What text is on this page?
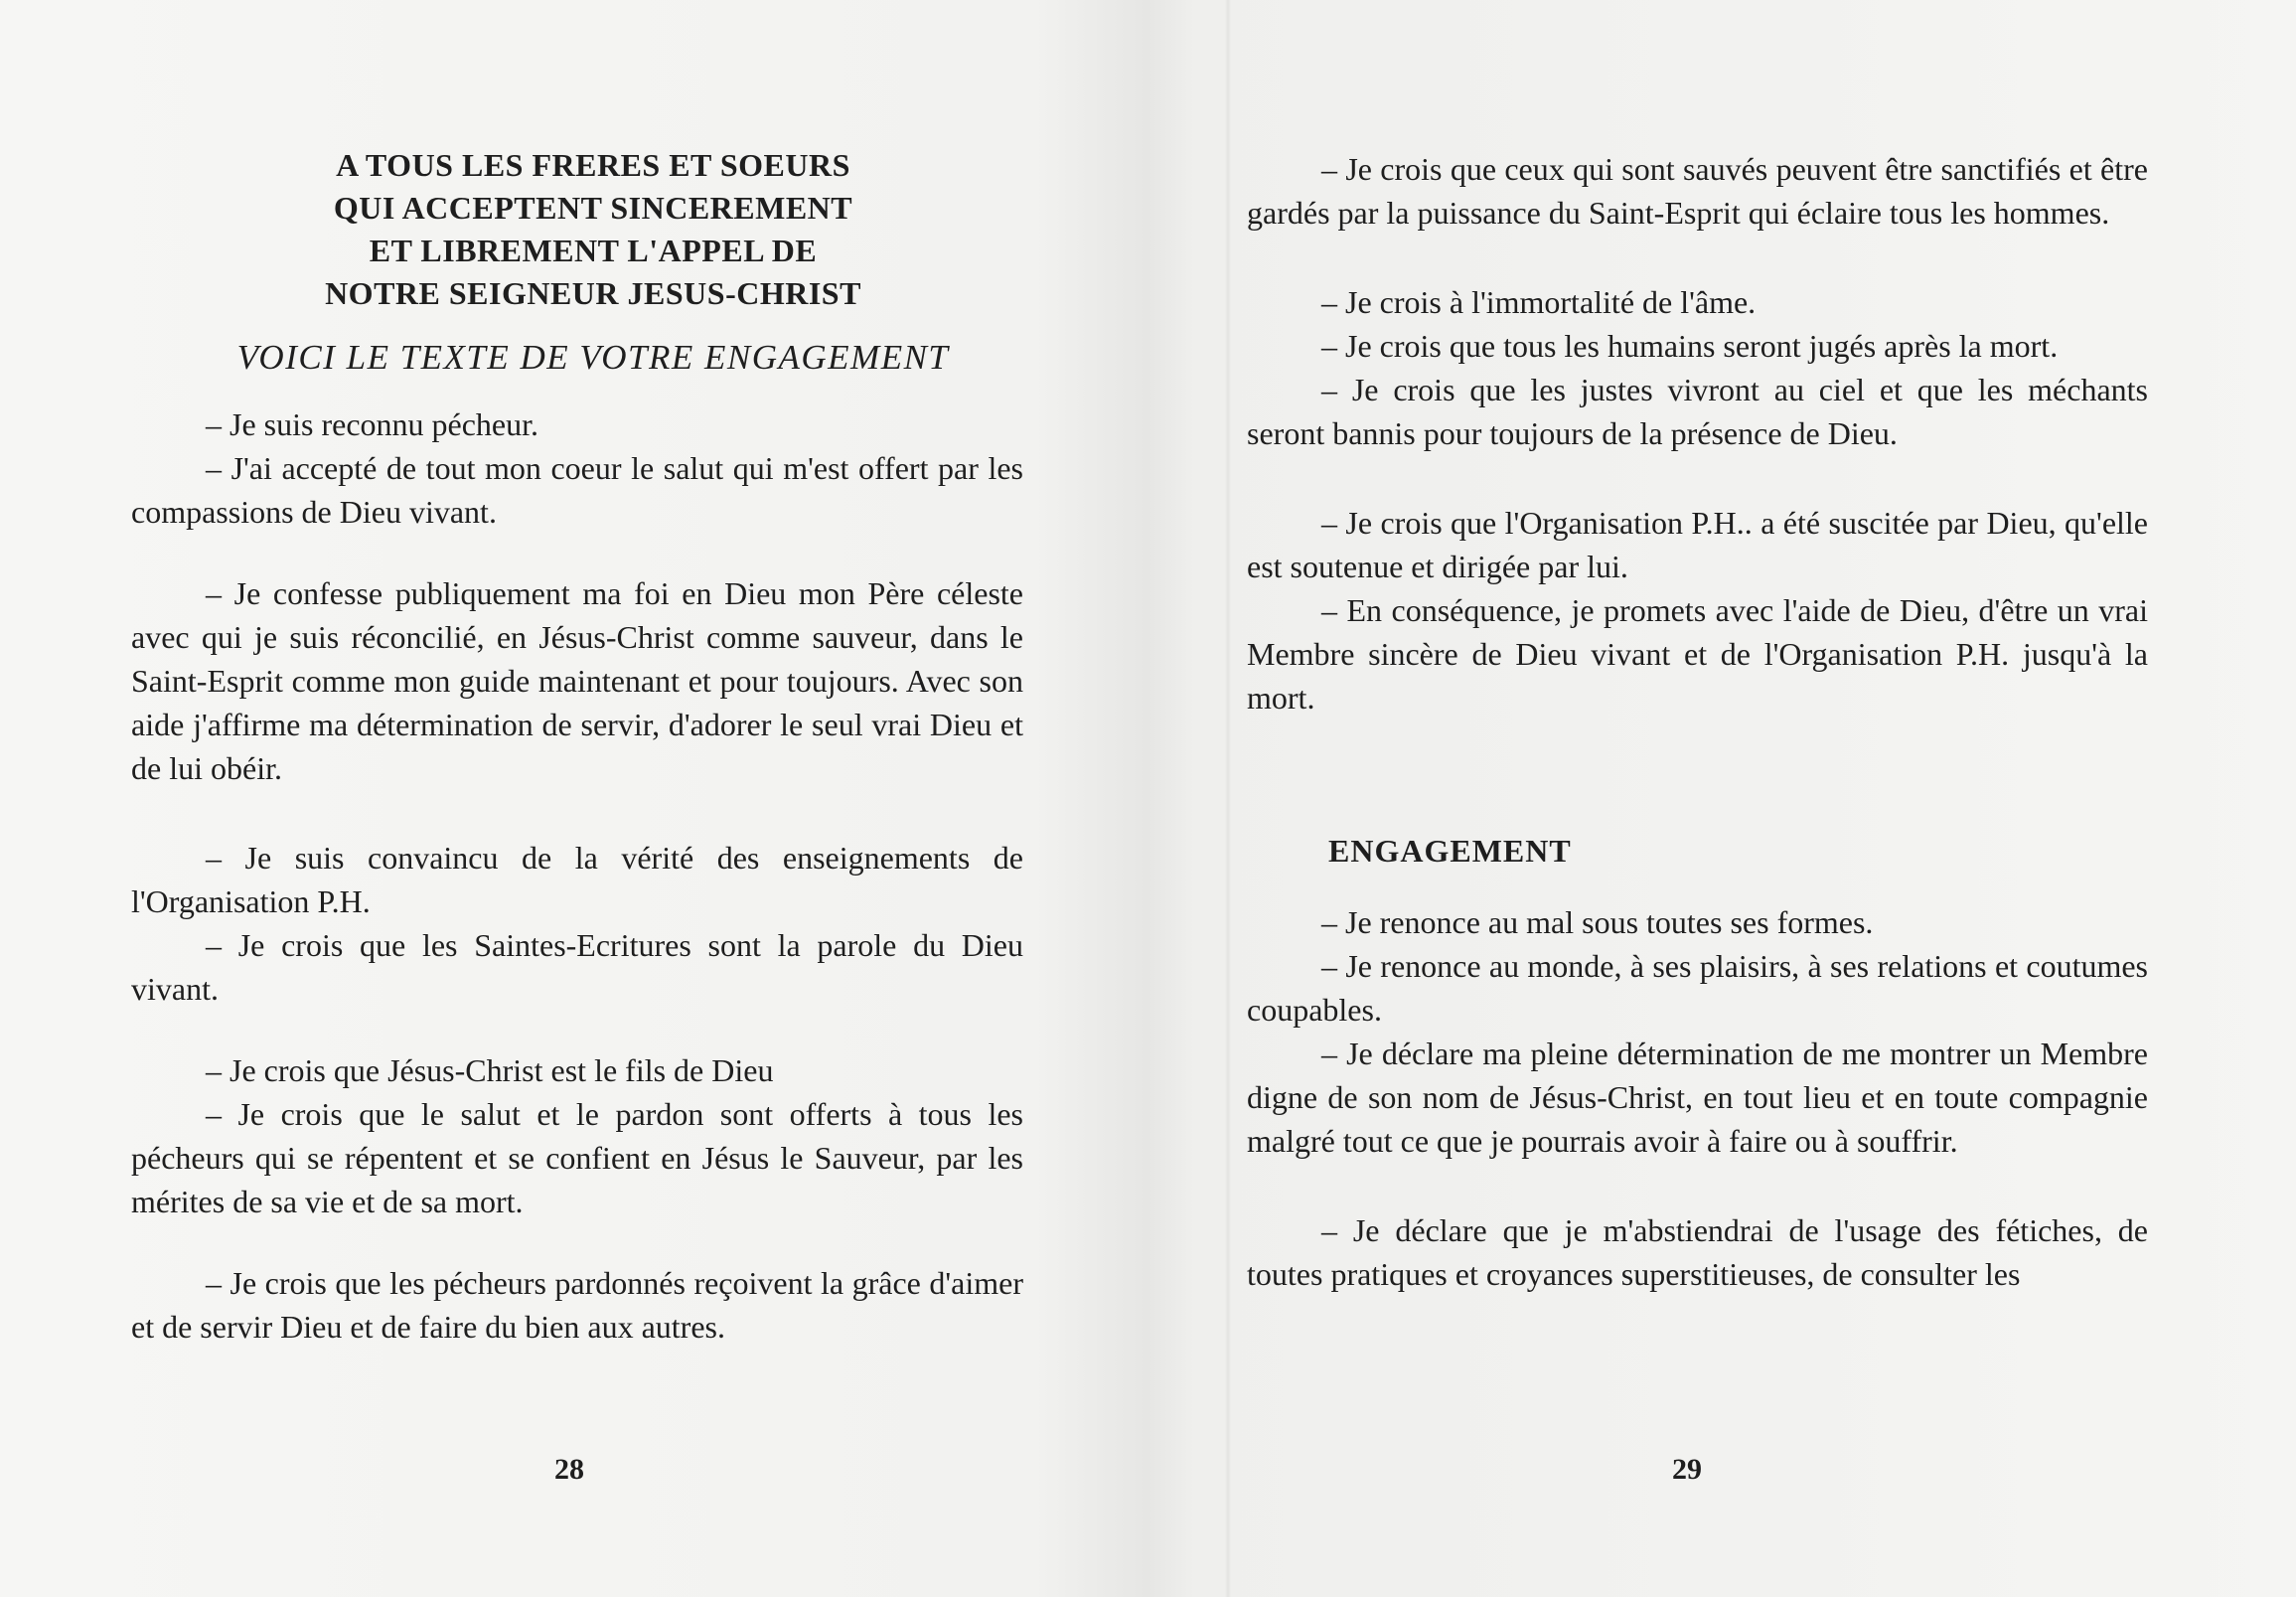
A TOUS LES FRERES ET SOEURS
QUI ACCEPTENT SINCEREMENT
ET LIBREMENT L'APPEL DE
NOTRE SEIGNEUR JESUS-CHRIST
VOICI LE TEXTE DE VOTRE ENGAGEMENT

– Je suis reconnu pécheur.
– J'ai accepté de tout mon coeur le salut qui m'est offert par les compassions de Dieu vivant.

– Je confesse publiquement ma foi en Dieu mon Père céleste avec qui je suis réconcilié, en Jésus-Christ comme sauveur, dans le Saint-Esprit comme mon guide maintenant et pour toujours. Avec son aide j'affirme ma détermination de servir, d'adorer le seul vrai Dieu et de lui obéir.

– Je suis convaincu de la vérité des enseignements de l'Organisation P.H.
– Je crois que les Saintes-Ecritures sont la parole du Dieu vivant.

– Je crois que Jésus-Christ est le fils de Dieu
– Je crois que le salut et le pardon sont offerts à tous les pécheurs qui se répentent et se confient en Jésus le Sauveur, par les mérites de sa vie et de sa mort.

– Je crois que les pécheurs pardonnés reçoivent la grâce d'aimer et de servir Dieu et de faire du bien aux autres.

28

– Je crois que ceux qui sont sauvés peuvent être sanctifiés et être gardés par la puissance du Saint-Esprit qui éclaire tous les hommes.

– Je crois à l'immortalité de l'âme.
– Je crois que tous les humains seront jugés après la mort.
– Je crois que les justes vivront au ciel et que les méchants seront bannis pour toujours de la présence de Dieu.

– Je crois que l'Organisation P.H.. a été suscitée par Dieu, qu'elle est soutenue et dirigée par lui.
– En conséquence, je promets avec l'aide de Dieu, d'être un vrai Membre sincère de Dieu vivant et de l'Organisation P.H. jusqu'à la mort.

ENGAGEMENT

– Je renonce au mal sous toutes ses formes.
– Je renonce au monde, à ses plaisirs, à ses relations et coutumes coupables.
– Je déclare ma pleine détermination de me montrer un Membre digne de son nom de Jésus-Christ, en tout lieu et en toute compagnie malgré tout ce que je pourrais avoir à faire ou à souffrir.

– Je déclare que je m'abstiendrai de l'usage des fétiches, de toutes pratiques et croyances superstitieuses, de consulter les

29
